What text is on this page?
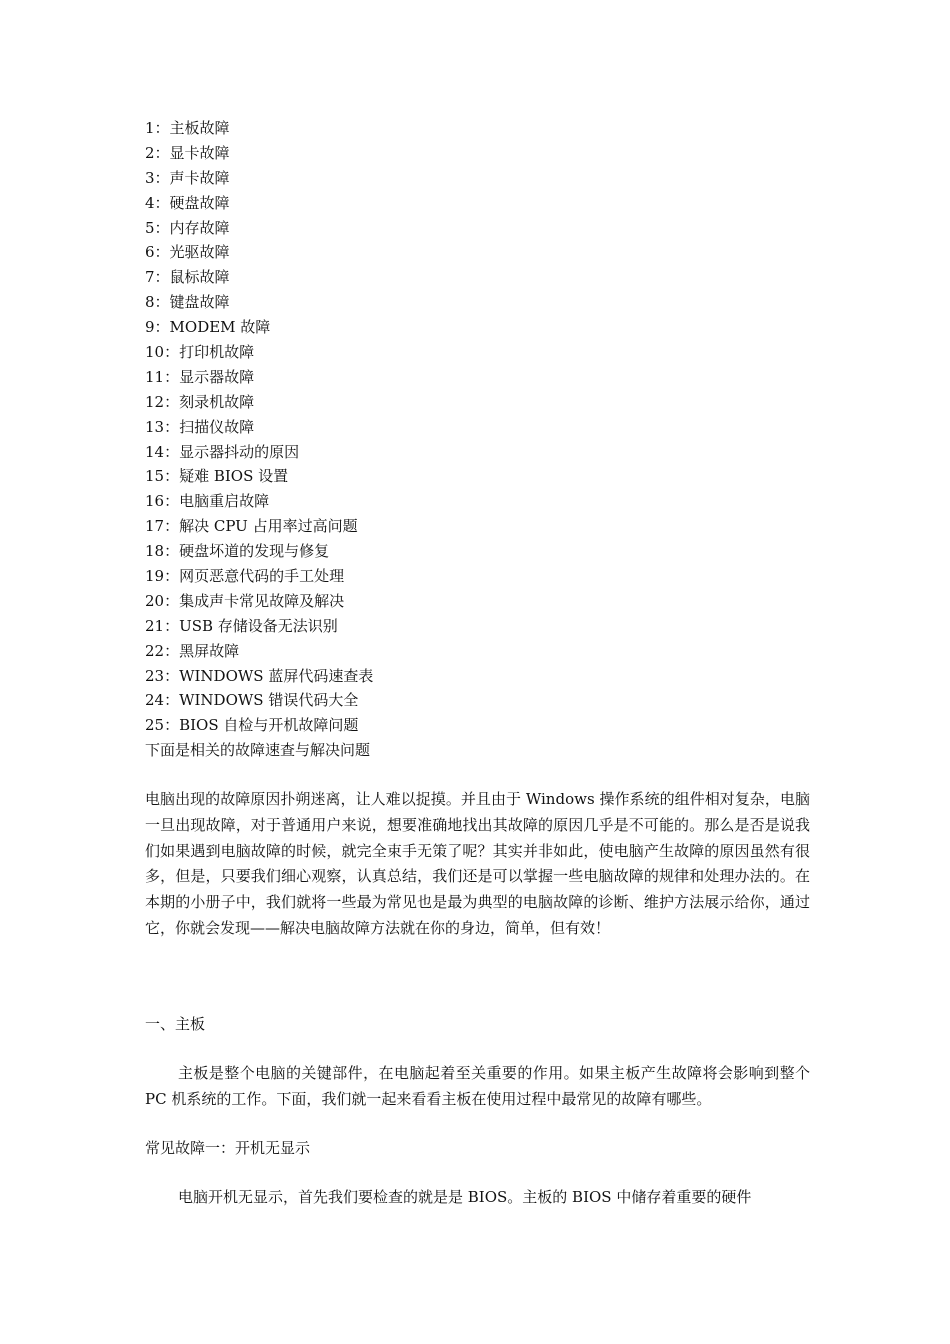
1：主板故障
2：显卡故障
3：声卡故障
4：硬盘故障
5：内存故障
6：光驱故障
7：鼠标故障
8：键盘故障
9：MODEM 故障
10：打印机故障
11：显示器故障
12：刻录机故障
13：扫描仪故障
14：显示器抖动的原因
15：疑难 BIOS 设置
16：电脑重启故障
17：解决 CPU 占用率过高问题
18：硬盘坏道的发现与修复
19：网页恶意代码的手工处理
20：集成声卡常见故障及解决
21：USB 存储设备无法识别
22：黑屏故障
23：WINDOWS 蓝屏代码速查表
24：WINDOWS 错误代码大全
25：BIOS 自检与开机故障问题
下面是相关的故障速查与解决问题

电脑出现的故障原因扑朔迷离，让人难以捉摸。并且由于 Windows 操作系统的组件相对复杂，电脑一旦出现故障，对于普通用户来说，想要准确地找出其故障的原因几乎是不可能的。那么是否是说我们如果遇到电脑故障的时候，就完全束手无策了呢？其实并非如此，使电脑产生故障的原因虽然有很多，但是，只要我们细心观察，认真总结，我们还是可以掌握一些电脑故障的规律和处理办法的。在本期的小册子中，我们就将一些最为常见也是最为典型的电脑故障的诊断、维护方法展示给你，通过它，你就会发现——解决电脑故障方法就在你的身边，简单，但有效！

一、主板

主板是整个电脑的关键部件，在电脑起着至关重要的作用。如果主板产生故障将会影响到整个 PC 机系统的工作。下面，我们就一起来看看主板在使用过程中最常见的故障有哪些。

常见故障一：开机无显示

电脑开机无显示，首先我们要检查的就是是 BIOS。主板的 BIOS 中储存着重要的硬件
